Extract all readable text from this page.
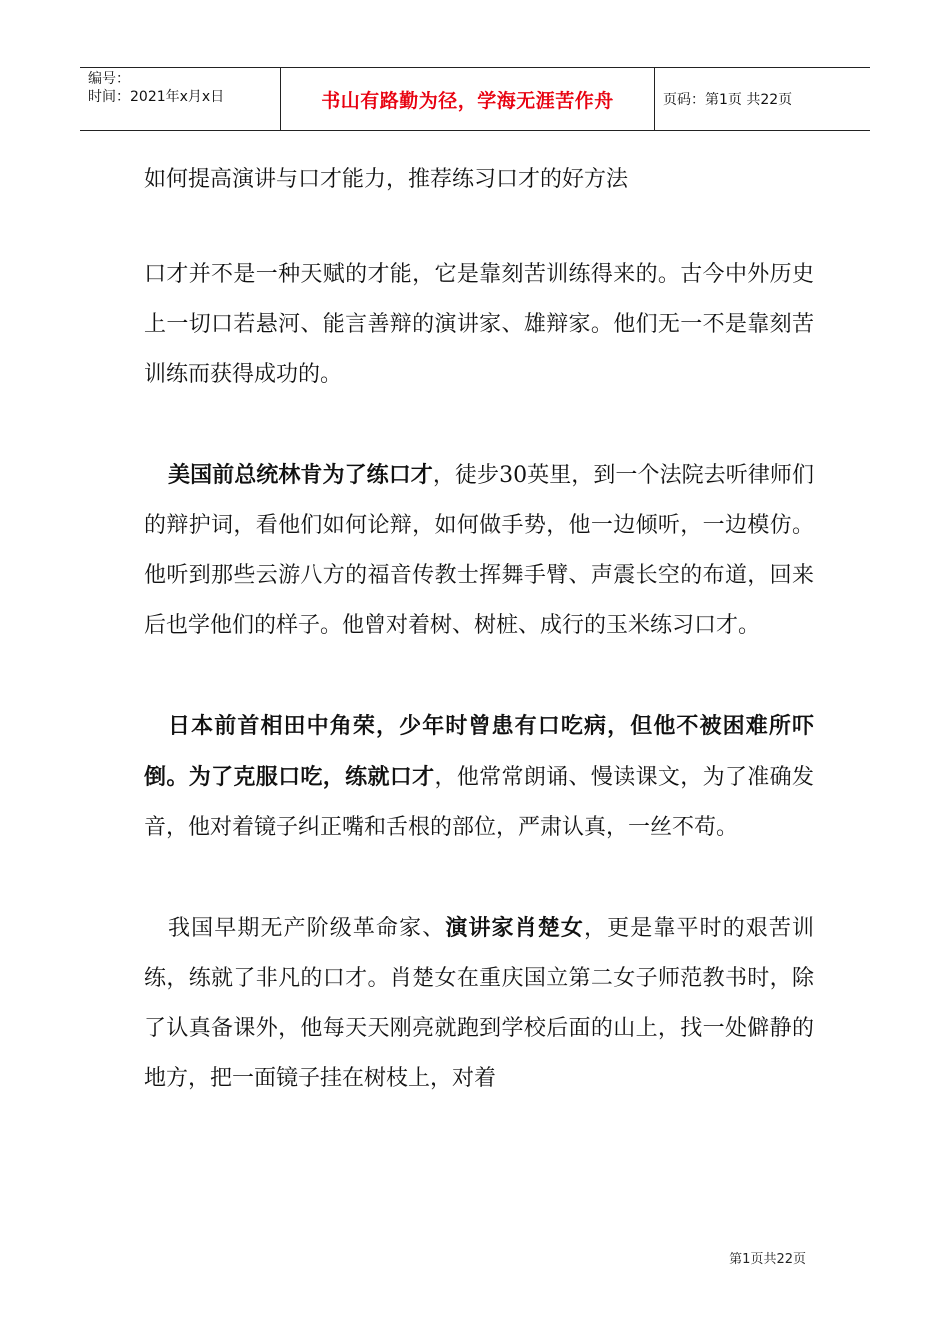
编号：
时间：2021年x月x日	书山有路勤为径，学海无涯苦作舟	页码：第1页 共22页

如何提高演讲与口才能力，推荐练习口才的好方法

口才并不是一种天赋的才能，它是靠刻苦训练得来的。古今中外历史上一切口若悬河、能言善辩的演讲家、雄辩家。他们无一不是靠刻苦训练而获得成功的。

美国前总统林肯为了练口才，徒步30英里，到一个法院去听律师们的辩护词，看他们如何论辩，如何做手势，他一边倾听，一边模仿。他听到那些云游八方的福音传教士挥舞手臂、声震长空的布道，回来后也学他们的样子。他曾对着树、树桩、成行的玉米练习口才。

日本前首相田中角荣，少年时曾患有口吃病，但他不被困难所吓倒。为了克服口吃，练就口才，他常常朗诵、慢读课文，为了准确发音，他对着镜子纠正嘴和舌根的部位，严肃认真，一丝不苟。

我国早期无产阶级革命家、演讲家肖楚女，更是靠平时的艰苦训练，练就了非凡的口才。肖楚女在重庆国立第二女子师范教书时，除了认真备课外，他每天天刚亮就跑到学校后面的山上，找一处僻静的地方，把一面镜子挂在树枝上，对着

第1页共22页
